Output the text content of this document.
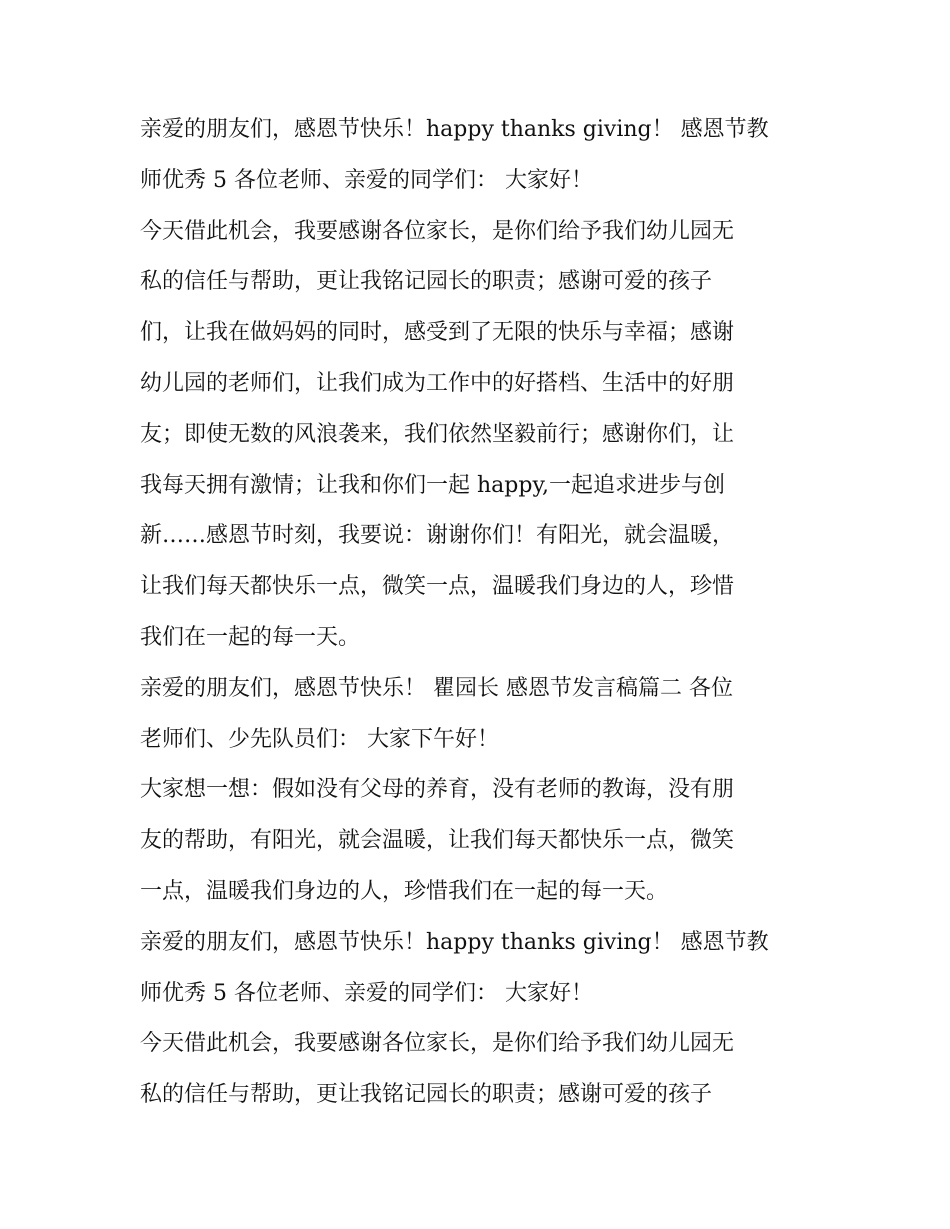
亲爱的朋友们，感恩节快乐！happy thanks giving！ 感恩节教
师优秀 5 各位老师、亲爱的同学们： 大家好！
今天借此机会，我要感谢各位家长，是你们给予我们幼儿园无
私的信任与帮助，更让我铭记园长的职责；感谢可爱的孩子
们，让我在做妈妈的同时，感受到了无限的快乐与幸福；感谢
幼儿园的老师们，让我们成为工作中的好搭档、生活中的好朋
友；即使无数的风浪袭来，我们依然坚毅前行；感谢你们，让
我每天拥有激情；让我和你们一起 happy,一起追求进步与创
新……感恩节时刻，我要说：谢谢你们！有阳光，就会温暖，
让我们每天都快乐一点，微笑一点，温暖我们身边的人，珍惜
我们在一起的每一天。
亲爱的朋友们，感恩节快乐！ 瞿园长 感恩节发言稿篇二 各位
老师们、少先队员们： 大家下午好！
大家想一想：假如没有父母的养育，没有老师的教诲，没有朋
友的帮助，有阳光，就会温暖，让我们每天都快乐一点，微笑
一点，温暖我们身边的人，珍惜我们在一起的每一天。
亲爱的朋友们，感恩节快乐！happy thanks giving！ 感恩节教
师优秀 5 各位老师、亲爱的同学们： 大家好！
今天借此机会，我要感谢各位家长，是你们给予我们幼儿园无
私的信任与帮助，更让我铭记园长的职责；感谢可爱的孩子
